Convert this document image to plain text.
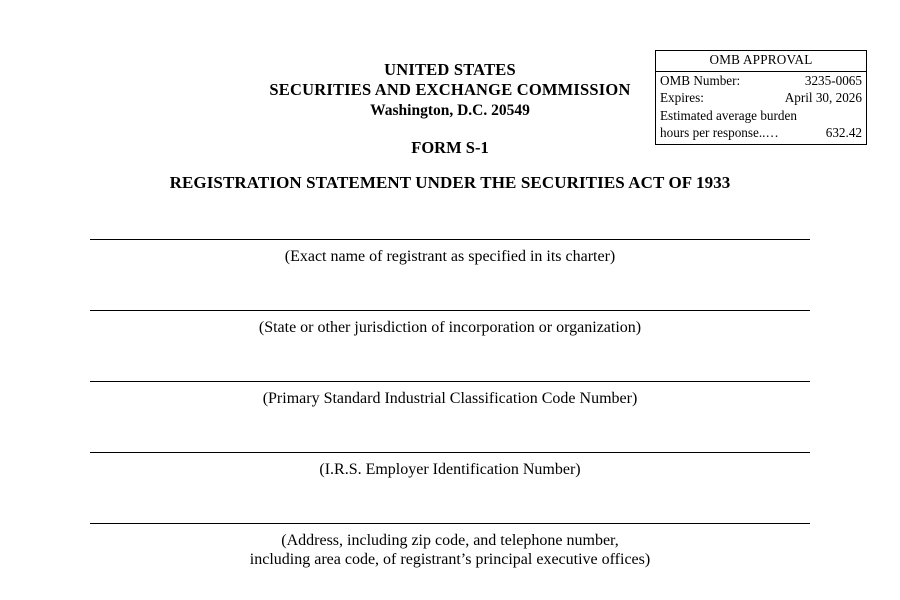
OMB APPROVAL
OMB Number:	3235-0065
Expires:	April 30, 2026
Estimated average burden
hours per response..…	632.42
UNITED STATES
SECURITIES AND EXCHANGE COMMISSION
Washington, D.C. 20549
FORM S-1
REGISTRATION STATEMENT UNDER THE SECURITIES ACT OF 1933
(Exact name of registrant as specified in its charter)
(State or other jurisdiction of incorporation or organization)
(Primary Standard Industrial Classification Code Number)
(I.R.S. Employer Identification Number)
(Address, including zip code, and telephone number,
including area code, of registrant’s principal executive offices)
